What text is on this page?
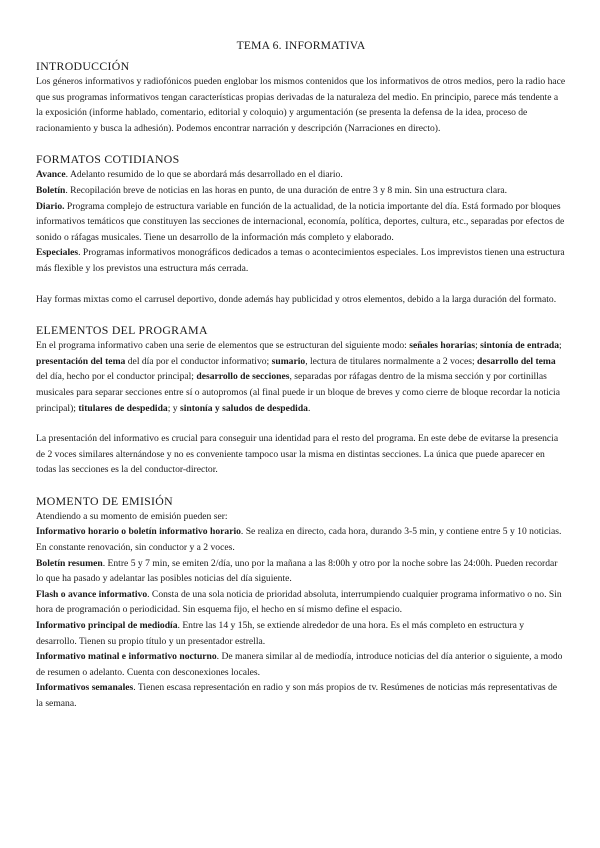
TEMA 6. INFORMATIVA
INTRODUCCIÓN

Los géneros informativos y radiofónicos pueden englobar los mismos contenidos que los informativos de otros medios, pero la radio hace que sus programas informativos tengan características propias derivadas de la naturaleza del medio. En principio, parece más tendente a la exposición (informe hablado, comentario, editorial y coloquio) y argumentación (se presenta la defensa de la idea, proceso de racionamiento y busca la adhesión). Podemos encontrar narración y descripción (Narraciones en directo).

FORMATOS COTIDIANOS

Avance. Adelanto resumido de lo que se abordará más desarrollado en el diario.

Boletín. Recopilación breve de noticias en las horas en punto, de una duración de entre 3 y 8 min. Sin una estructura clara.

Diario. Programa complejo de estructura variable en función de la actualidad, de la noticia importante del día. Está formado por bloques informativos temáticos que constituyen las secciones de internacional, economía, política, deportes, cultura, etc., separadas por efectos de sonido o ráfagas musicales. Tiene un desarrollo de la información más completo y elaborado.

Especiales. Programas informativos monográficos dedicados a temas o acontecimientos especiales. Los imprevistos tienen una estructura más flexible y los previstos una estructura más cerrada.

Hay formas mixtas como el carrusel deportivo, donde además hay publicidad y otros elementos, debido a la larga duración del formato.

ELEMENTOS DEL PROGRAMA

En el programa informativo caben una serie de elementos que se estructuran del siguiente modo: señales horarias; sintonía de entrada; presentación del tema del día por el conductor informativo; sumario, lectura de titulares normalmente a 2 voces; desarrollo del tema del día, hecho por el conductor principal; desarrollo de secciones, separadas por ráfagas dentro de la misma sección y por cortinillas musicales para separar secciones entre sí o autopromos (al final puede ir un bloque de breves y como cierre de bloque recordar la noticia principal); titulares de despedida; y sintonía y saludos de despedida.

La presentación del informativo es crucial para conseguir una identidad para el resto del programa. En este debe de evitarse la presencia de 2 voces similares alternándose y no es conveniente tampoco usar la misma en distintas secciones. La única que puede aparecer en todas las secciones es la del conductor-director.

MOMENTO DE EMISIÓN

Atendiendo a su momento de emisión pueden ser:

Informativo horario o boletín informativo horario. Se realiza en directo, cada hora, durando 3-5 min, y contiene entre 5 y 10 noticias. En constante renovación, sin conductor y a 2 voces.

Boletín resumen. Entre 5 y 7 min, se emiten 2/día, uno por la mañana a las 8:00h y otro por la noche sobre las 24:00h. Pueden recordar lo que ha pasado y adelantar las posibles noticias del día siguiente.

Flash o avance informativo. Consta de una sola noticia de prioridad absoluta, interrumpiendo cualquier programa informativo o no. Sin hora de programación o periodicidad. Sin esquema fijo, el hecho en sí mismo define el espacio.

Informativo principal de mediodía. Entre las 14 y 15h, se extiende alrededor de una hora. Es el más completo en estructura y desarrollo. Tienen su propio título y un presentador estrella.

Informativo matinal e informativo nocturno. De manera similar al de mediodía, introduce noticias del día anterior o siguiente, a modo de resumen o adelanto. Cuenta con desconexiones locales.

Informativos semanales. Tienen escasa representación en radio y son más propios de tv. Resúmenes de noticias más representativas de la semana.
